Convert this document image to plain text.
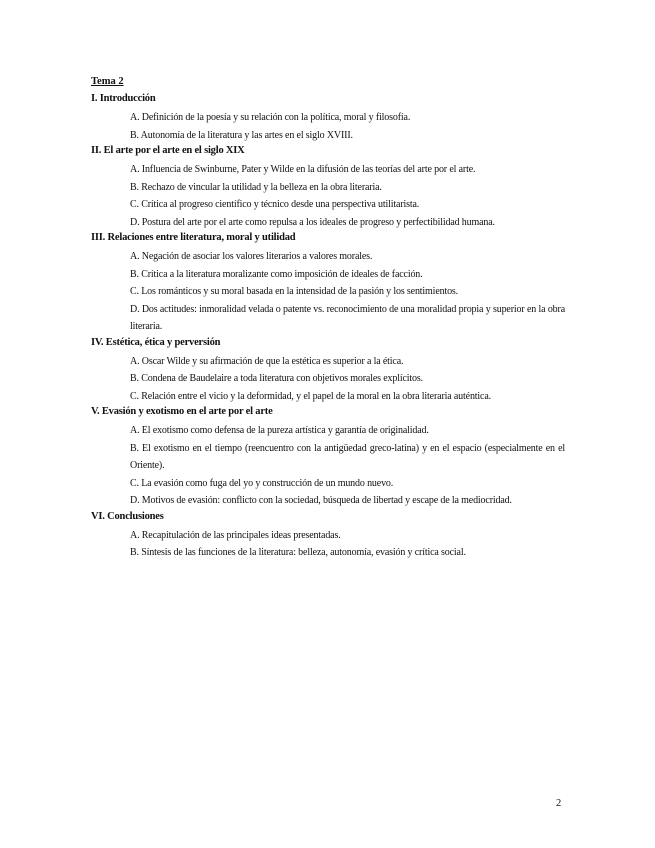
Tema 2
I. Introducción
A. Definición de la poesía y su relación con la política, moral y filosofía.
B. Autonomía de la literatura y las artes en el siglo XVIII.
II. El arte por el arte en el siglo XIX
A. Influencia de Swinburne, Pater y Wilde en la difusión de las teorías del arte por el arte.
B. Rechazo de vincular la utilidad y la belleza en la obra literaria.
C. Crítica al progreso científico y técnico desde una perspectiva utilitarista.
D. Postura del arte por el arte como repulsa a los ideales de progreso y perfectibilidad humana.
III. Relaciones entre literatura, moral y utilidad
A. Negación de asociar los valores literarios a valores morales.
B. Crítica a la literatura moralizante como imposición de ideales de facción.
C. Los románticos y su moral basada en la intensidad de la pasión y los sentimientos.
D. Dos actitudes: inmoralidad velada o patente vs. reconocimiento de una moralidad propia y superior en la obra literaria.
IV. Estética, ética y perversión
A. Oscar Wilde y su afirmación de que la estética es superior a la ética.
B. Condena de Baudelaire a toda literatura con objetivos morales explícitos.
C. Relación entre el vicio y la deformidad, y el papel de la moral en la obra literaria auténtica.
V. Evasión y exotismo en el arte por el arte
A. El exotismo como defensa de la pureza artística y garantía de originalidad.
B. El exotismo en el tiempo (reencuentro con la antigüedad greco-latina) y en el espacio (especialmente en el Oriente).
C. La evasión como fuga del yo y construcción de un mundo nuevo.
D. Motivos de evasión: conflicto con la sociedad, búsqueda de libertad y escape de la mediocridad.
VI. Conclusiones
A. Recapitulación de las principales ideas presentadas.
B. Síntesis de las funciones de la literatura: belleza, autonomía, evasión y crítica social.
2
